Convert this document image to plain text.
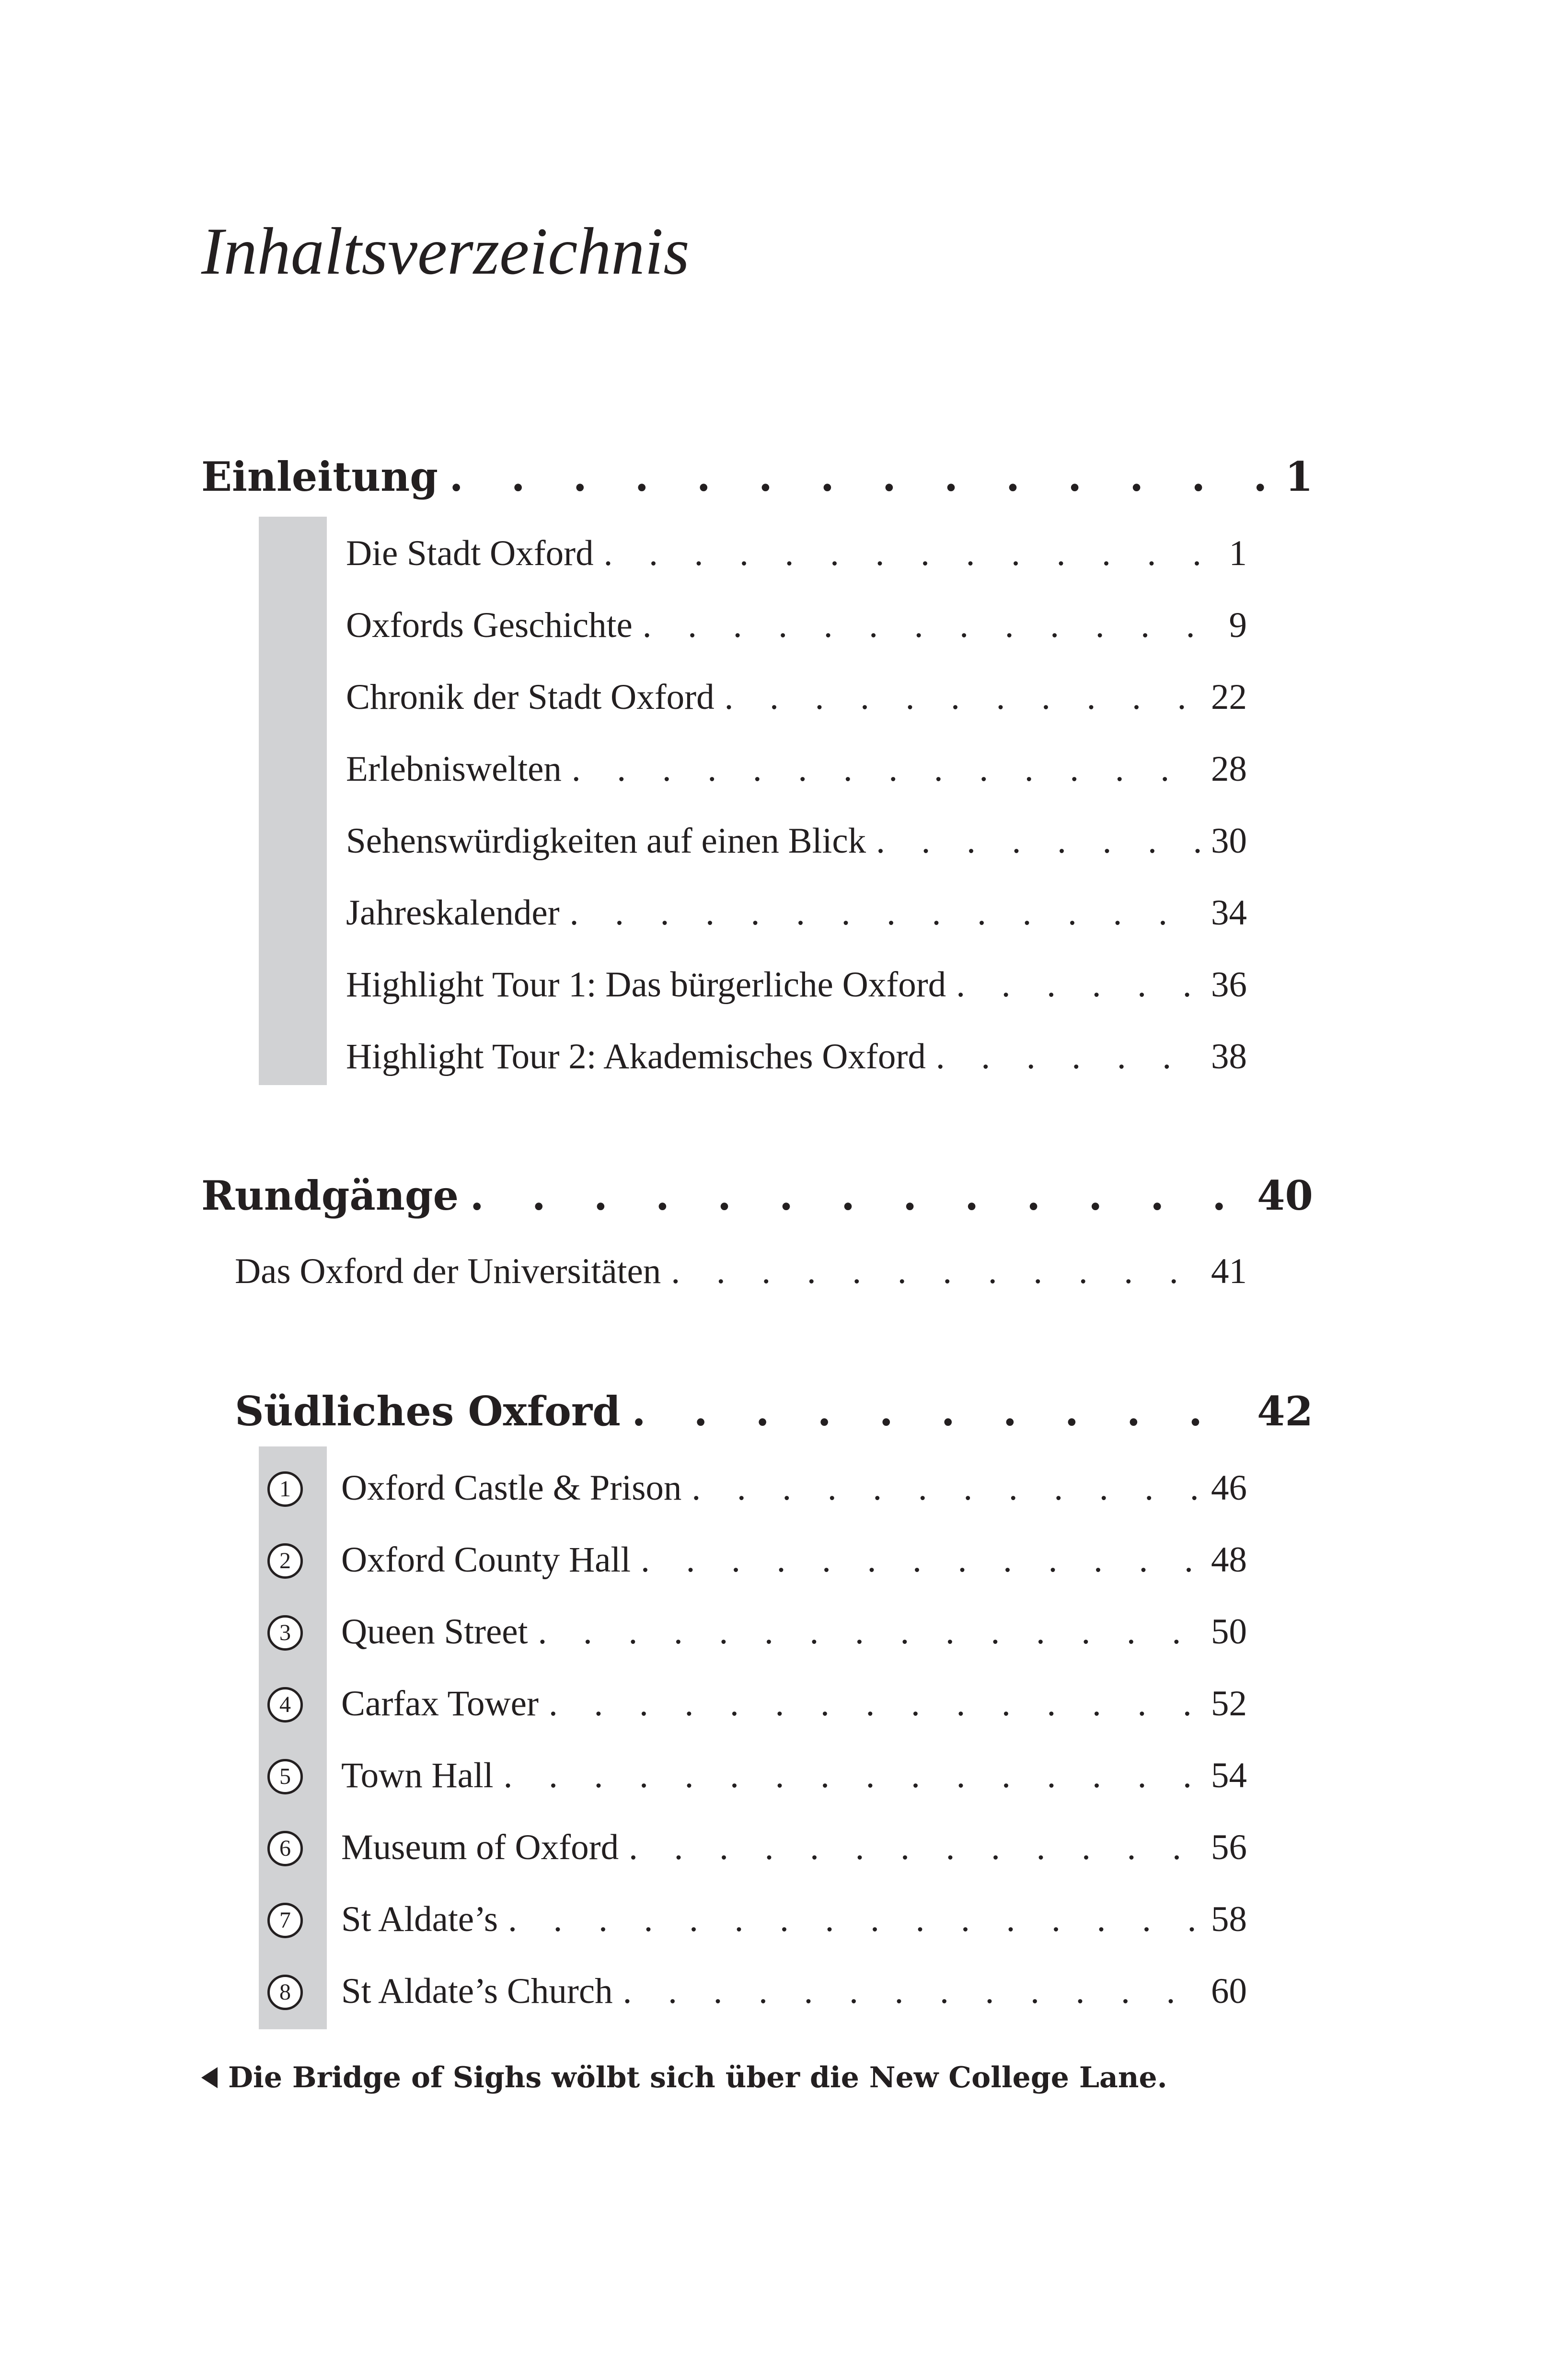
Inhaltsverzeichnis
Einleitung . . .	1
Die Stadt Oxford . . .	1
Oxfords Geschichte . . .	9
Chronik der Stadt Oxford . . .	22
Erlebniswelten . . .	28
Sehenswürdigkeiten auf einen Blick . . .	30
Jahreskalender . . .	34
Highlight Tour 1: Das bürgerliche Oxford . . .	36
Highlight Tour 2: Akademisches Oxford . . .	38
Rundgänge . . .	40
Das Oxford der Universitäten . . .	41
Südliches Oxford . . .	42
1	Oxford Castle & Prison . . .	46
2	Oxford County Hall . . .	48
3	Queen Street . . .	50
4	Carfax Tower . . .	52
5	Town Hall . . .	54
6	Museum of Oxford . . .	56
7	St Aldate’s . . .	58
8	St Aldate’s Church . . .	60
Die Bridge of Sighs wölbt sich über die New College Lane.
